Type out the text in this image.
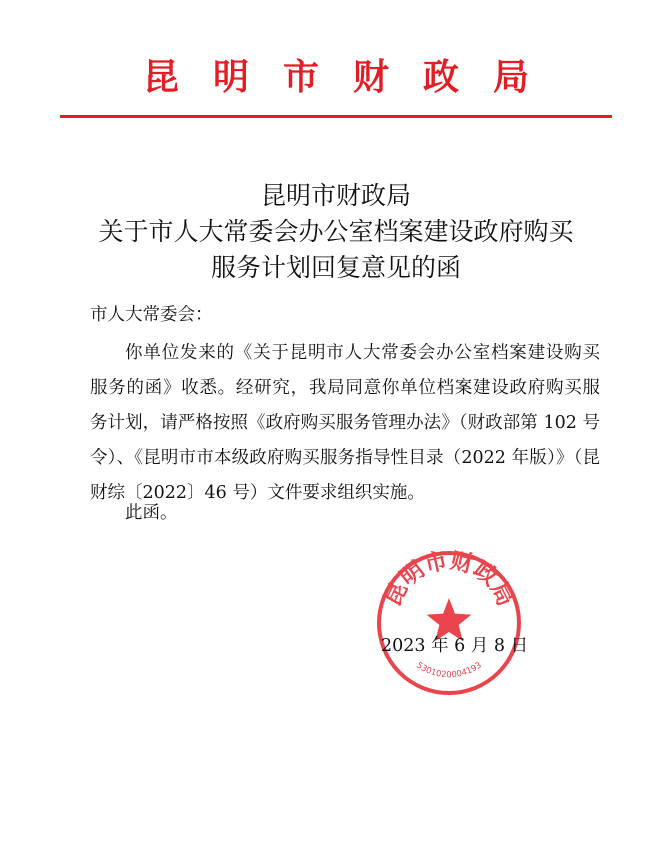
昆明市财政局
昆明市财政局
关于市人大常委会办公室档案建设政府购买
服务计划回复意见的函
市人大常委会：
你单位发来的《关于昆明市人大常委会办公室档案建设购买
服务的函》收悉。经研究，我局同意你单位档案建设政府购买服
务计划，请严格按照《政府购买服务管理办法》（财政部第 102 号
令）、《昆明市市本级政府购买服务指导性目录（2022 年版）》（昆
财综〔2022〕46 号）文件要求组织实施。
此函。
昆明市财政局
5301020004193
2023 年 6 月 8 日
